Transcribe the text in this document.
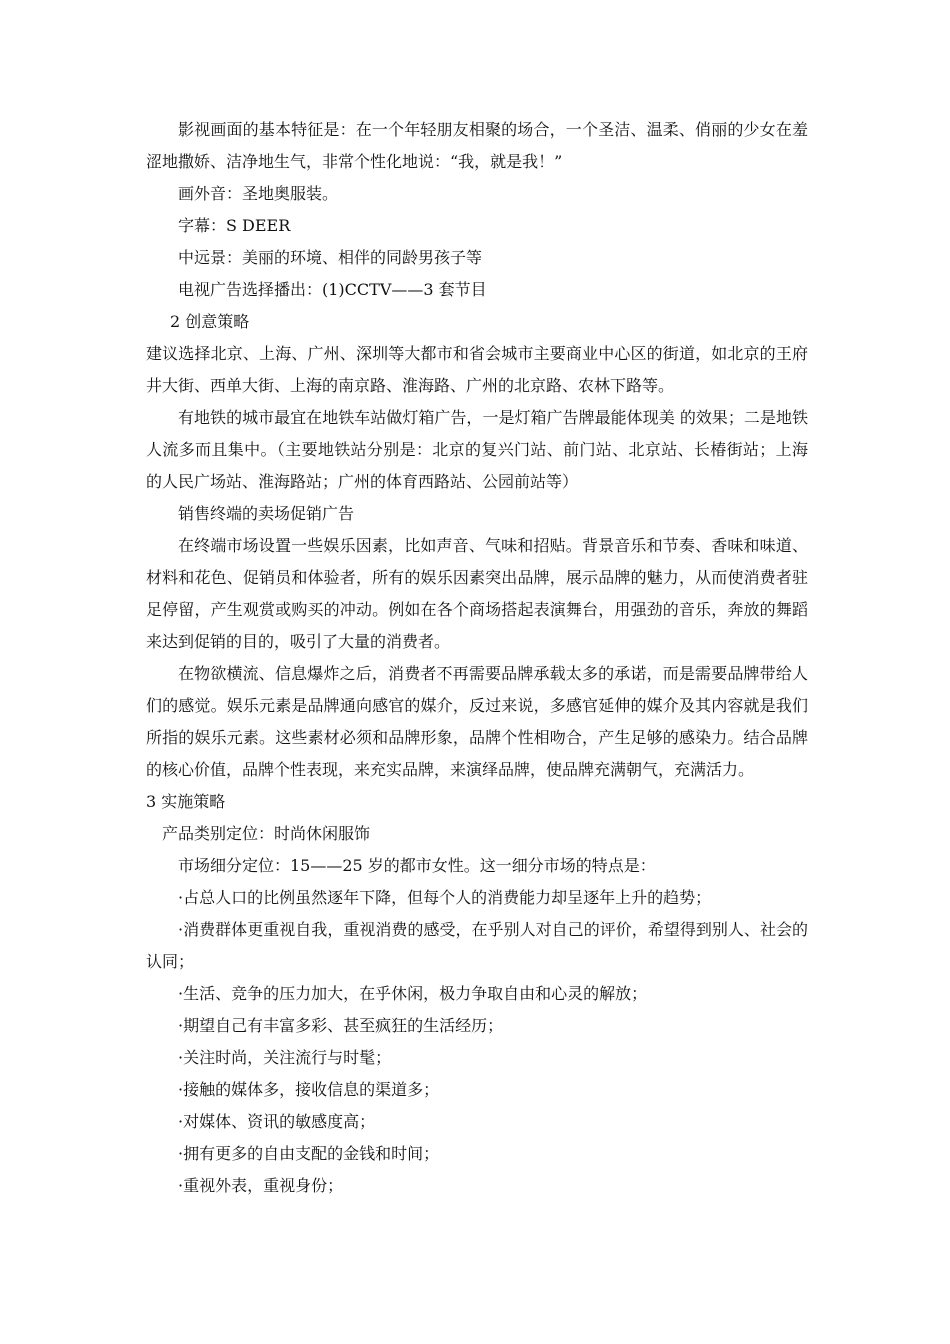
影视画面的基本特征是：在一个年轻朋友相聚的场合，一个圣洁、温柔、俏丽的少女在羞涩地撒娇、洁净地生气，非常个性化地说：“我，就是我！”

画外音：圣地奥服装。

字幕：S DEER

中远景：美丽的环境、相伴的同龄男孩子等

电视广告选择播出：(1)CCTV——3 套节目

2 创意策略

建议选择北京、上海、广州、深圳等大都市和省会城市主要商业中心区的街道，如北京的王府井大街、西单大街、上海的南京路、淮海路、广州的北京路、农林下路等。

有地铁的城市最宜在地铁车站做灯箱广告，一是灯箱广告牌最能体现美 的效果；二是地铁人流多而且集中。（主要地铁站分别是：北京的复兴门站、前门站、北京站、长椿街站；上海的人民广场站、淮海路站；广州的体育西路站、公园前站等）

销售终端的卖场促销广告

在终端市场设置一些娱乐因素，比如声音、气味和招贴。背景音乐和节奏、香味和味道、材料和花色、促销员和体验者，所有的娱乐因素突出品牌，展示品牌的魅力，从而使消费者驻足停留，产生观赏或购买的冲动。例如在各个商场搭起表演舞台，用强劲的音乐，奔放的舞蹈来达到促销的目的，吸引了大量的消费者。

在物欲横流、信息爆炸之后，消费者不再需要品牌承载太多的承诺，而是需要品牌带给人们的感觉。娱乐元素是品牌通向感官的媒介，反过来说，多感官延伸的媒介及其内容就是我们所指的娱乐元素。这些素材必须和品牌形象，品牌个性相吻合，产生足够的感染力。结合品牌的核心价值，品牌个性表现，来充实品牌，来演绎品牌，使品牌充满朝气，充满活力。

3 实施策略

产品类别定位：时尚休闲服饰

市场细分定位：15——25 岁的都市女性。这一细分市场的特点是：

·占总人口的比例虽然逐年下降，但每个人的消费能力却呈逐年上升的趋势；

·消费群体更重视自我，重视消费的感受，在乎别人对自己的评价，希望得到别人、社会的认同；

·生活、竞争的压力加大，在乎休闲，极力争取自由和心灵的解放；

·期望自己有丰富多彩、甚至疯狂的生活经历；

·关注时尚，关注流行与时髦；

·接触的媒体多，接收信息的渠道多；

·对媒体、资讯的敏感度高；

·拥有更多的自由支配的金钱和时间；

·重视外表，重视身份；
